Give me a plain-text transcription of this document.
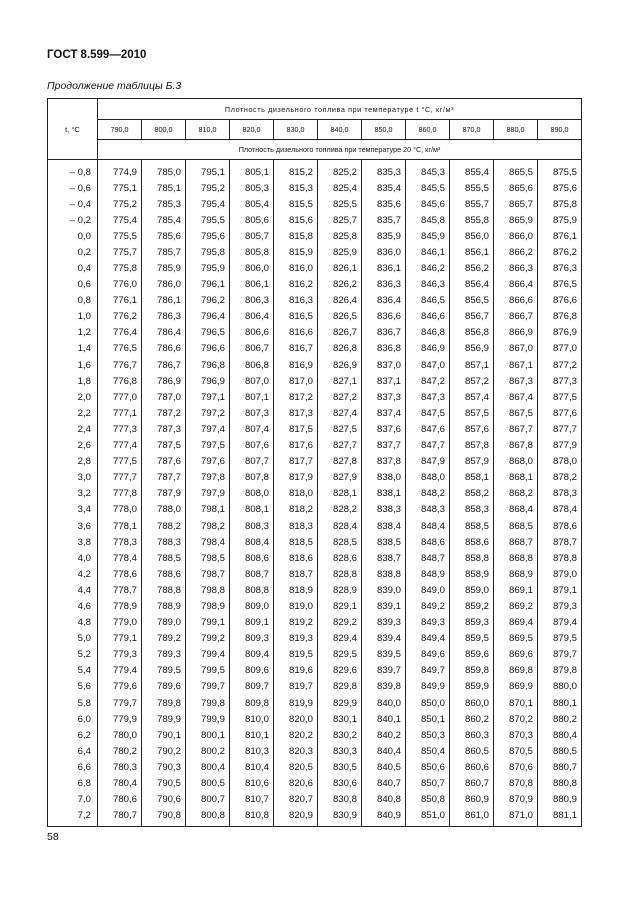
ГОСТ 8.599—2010
Продолжение таблицы Б.3
t, °C	Плотность дизельного топлива при температуре t °C, кг/м³										
	790,0	800,0	810,0	820,0	830,0	840,0	850,0	860,0	870,0	880,0	890,0
	Плотность дизельного топлива при температуре 20 °C, кг/м³										
– 0,8	774,9	785,0	795,1	805,1	815,2	825,2	835,3	845,3	855,4	865,5	875,5
– 0,6	775,1	785,1	795,2	805,3	815,3	825,4	835,4	845,5	855,5	865,6	875,6
– 0,4	775,2	785,3	795,4	805,4	815,5	825,5	835,6	845,6	855,7	865,7	875,8
– 0,2	775,4	785,4	795,5	805,6	815,6	825,7	835,7	845,8	855,8	865,9	875,9
0,0	775,5	785,6	795,6	805,7	815,8	825,8	835,9	845,9	856,0	866,0	876,1
0,2	775,7	785,7	795,8	805,8	815,9	825,9	836,0	846,1	856,1	866,2	876,2
0,4	775,8	785,9	795,9	806,0	816,0	826,1	836,1	846,2	856,2	866,3	876,3
0,6	776,0	786,0	796,1	806,1	816,2	826,2	836,3	846,3	856,4	866,4	876,5
0,8	776,1	786,1	796,2	806,3	816,3	826,4	836,4	846,5	856,5	866,6	876,6
1,0	776,2	786,3	796,4	806,4	816,5	826,5	836,6	846,6	856,7	866,7	876,8
1,2	776,4	786,4	796,5	806,6	816,6	826,7	836,7	846,8	856,8	866,9	876,9
1,4	776,5	786,6	796,6	806,7	816,7	826,8	836,8	846,9	856,9	867,0	877,0
1,6	776,7	786,7	796,8	806,8	816,9	826,9	837,0	847,0	857,1	867,1	877,2
1,8	776,8	786,9	796,9	807,0	817,0	827,1	837,1	847,2	857,2	867,3	877,3
2,0	777,0	787,0	797,1	807,1	817,2	827,2	837,3	847,3	857,4	867,4	877,5
2,2	777,1	787,2	797,2	807,3	817,3	827,4	837,4	847,5	857,5	867,5	877,6
2,4	777,3	787,3	797,4	807,4	817,5	827,5	837,6	847,6	857,6	867,7	877,7
2,6	777,4	787,5	797,5	807,6	817,6	827,7	837,7	847,7	857,8	867,8	877,9
2,8	777,5	787,6	797,6	807,7	817,7	827,8	837,8	847,9	857,9	868,0	878,0
3,0	777,7	787,7	797,8	807,8	817,9	827,9	838,0	848,0	858,1	868,1	878,2
3,2	777,8	787,9	797,9	808,0	818,0	828,1	838,1	848,2	858,2	868,2	878,3
3,4	778,0	788,0	798,1	808,1	818,2	828,2	838,3	848,3	858,3	868,4	878,4
3,6	778,1	788,2	798,2	808,3	818,3	828,4	838,4	848,4	858,5	868,5	878,6
3,8	778,3	788,3	798,4	808,4	818,5	828,5	838,5	848,6	858,6	868,7	878,7
4,0	778,4	788,5	798,5	808,6	818,6	828,6	838,7	848,7	858,8	868,8	878,8
4,2	778,6	788,6	798,7	808,7	818,7	828,8	838,8	848,9	858,9	868,9	879,0
4,4	778,7	788,8	798,8	808,8	818,9	828,9	839,0	849,0	859,0	869,1	879,1
4,6	778,9	788,9	798,9	809,0	819,0	829,1	839,1	849,2	859,2	869,2	879,3
4,8	779,0	789,0	799,1	809,1	819,2	829,2	839,3	849,3	859,3	869,4	879,4
5,0	779,1	789,2	799,2	809,3	819,3	829,4	839,4	849,4	859,5	869,5	879,5
5,2	779,3	789,3	799,4	809,4	819,5	829,5	839,5	849,6	859,6	869,6	879,7
5,4	779,4	789,5	799,5	809,6	819,6	829,6	839,7	849,7	859,8	869,8	879,8
5,6	779,6	789,6	799,7	809,7	819,7	829,8	839,8	849,9	859,9	869,9	880,0
5,8	779,7	789,8	799,8	809,8	819,9	829,9	840,0	850,0	860,0	870,1	880,1
6,0	779,9	789,9	799,9	810,0	820,0	830,1	840,1	850,1	860,2	870,2	880,2
6,2	780,0	790,1	800,1	810,1	820,2	830,2	840,2	850,3	860,3	870,3	880,4
6,4	780,2	790,2	800,2	810,3	820,3	830,3	840,4	850,4	860,5	870,5	880,5
6,6	780,3	790,3	800,4	810,4	820,5	830,5	840,5	850,6	860,6	870,6	880,7
6,8	780,4	790,5	800,5	810,6	820,6	830,6	840,7	850,7	860,7	870,8	880,8
7,0	780,6	790,6	800,7	810,7	820,7	830,8	840,8	850,8	860,9	870,9	880,9
7,2	780,7	790,8	800,8	810,8	820,9	830,9	840,9	851,0	861,0	871,0	881,1
58
